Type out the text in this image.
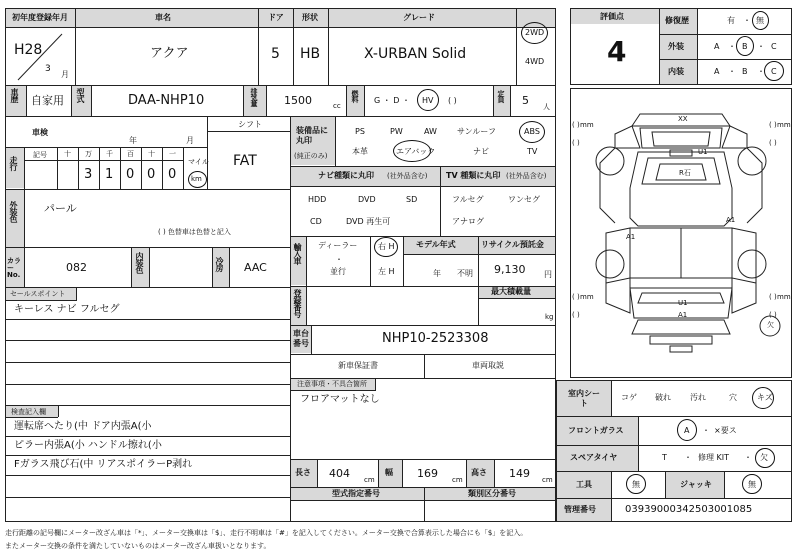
初年度登録年月	車名	ドア 形状	グレード
H28
3
月
アクア	5 HB	X-URBAN Solid
2WD
4WD
車歴 自家用 型式	DAA-NHP10	排気量 1500	cc
燃料 G ・ D ・ HV ( )	定員 5 人
車検
年	月
シフト
FAT
走行
記号 十 万
3
千
1
百
0
十
0
一
0
マイル
km
外装色 パール
( ) 色替車は色替と記入
カラーNo.
082	内装色	冷房 AAC
セールスポイント
キーレス ナビ フルセグ
検査記入欄
運転席へたり(中 ドア内張A(小
ピラー内張A(小 ハンドル擦れ(小
Fガラス飛び石(中 リアスポイラーP剥れ
装備品に丸印
(純正のみ)
PS	PW	AW	サンルーフ	ABS
本革	エアバック	ナビ	TV
ナビ種類に丸印 (社外品含む) TV 種類に丸印 (社外品含む)
HDD	DVD	SD
CD	DVD 再生可
フルセグ	ワンセグ
アナログ
輸入車 ディーラー
・
並行
右 H
左 H
モデル年式
年 不明
リサイクル預託金
9,130 円
登録番号	最大積載量
kg
車台番号	NHP10-2523308
新車保証書	車両取説
注意事項・不具合箇所
フロアマットなし
長さ 404 cm
幅 169 cm
高さ 149 cm
型式指定番号	類別区分番号
走行距離の記号欄にメーター改ざん車は「*」、メーター交換車は「$」、走行不明車は「#」を記入してください。メーター交換で合算表示した場合にも「$」を記入。
またメーター交換の条件を満たしていないものはメーター改ざん車扱いとなります。
評価点
4
修復歴
外装
内装
有 ・ 無
A ・ B ・ C
A ・ B ・ C
XX
U1
R石
A1
A1
U1
A1
( )	( )
( )	( )
( )	( )
( )	( )
mm	mm
mm	mm
欠
室内シート
コゲ 破れ 汚れ	穴	キズ
フロントガラス	A ・ ×要ス
スペアタイヤ	T ・ 修理 KIT ・ 欠
工具	無	ジャッキ	無
管理番号	03939000342503001085
